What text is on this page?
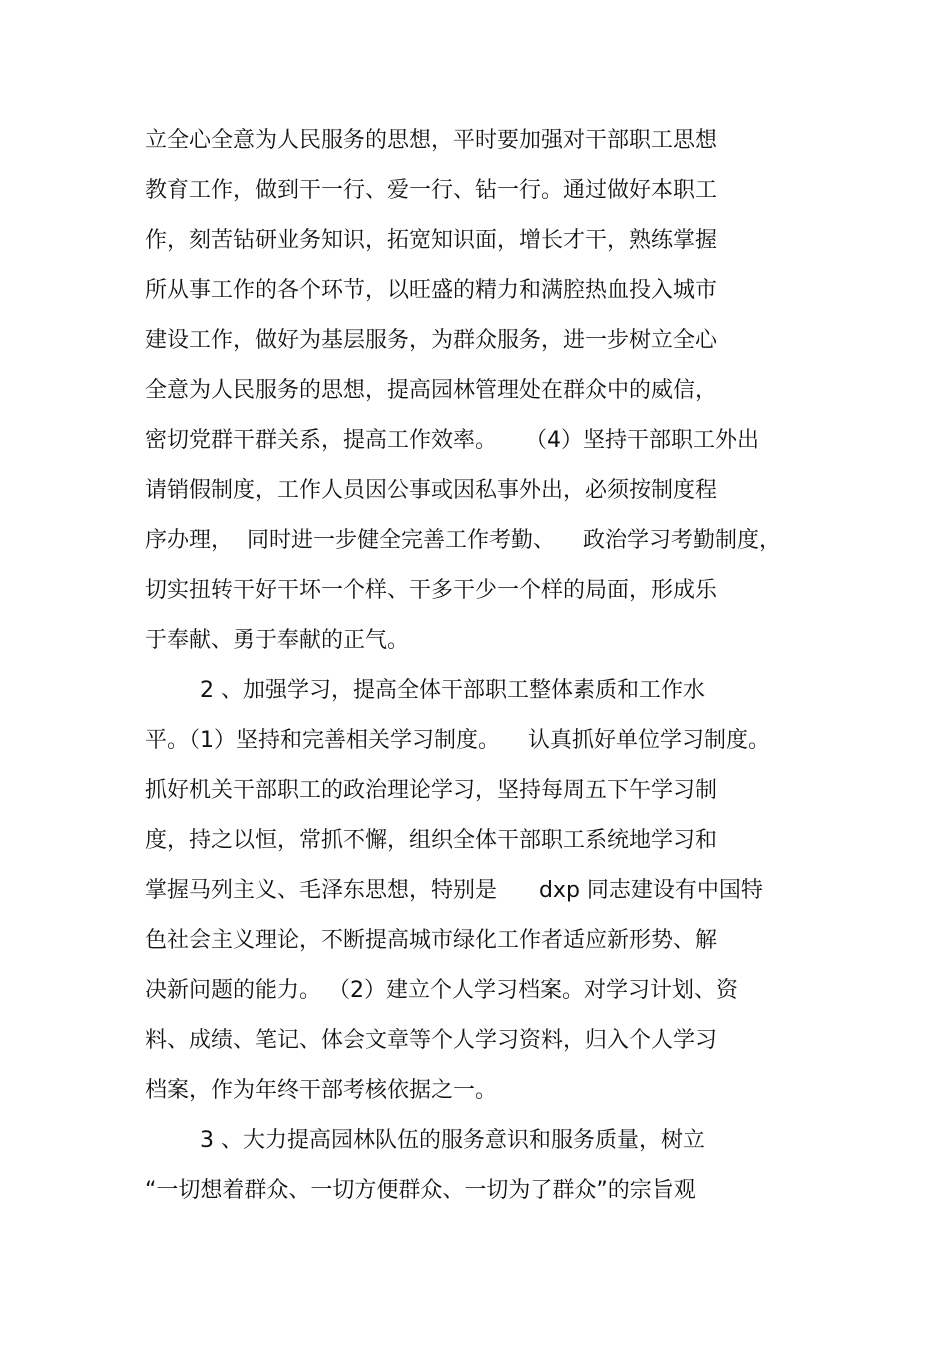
立全心全意为人民服务的思想，平时要加强对干部职工思想

教育工作，做到干一行、爱一行、钻一行。通过做好本职工

作，刻苦钻研业务知识，拓宽知识面，增长才干，熟练掌握

所从事工作的各个环节，以旺盛的精力和满腔热血投入城市

建设工作，做好为基层服务，为群众服务，进一步树立全心

全意为人民服务的思想，提高园林管理处在群众中的威信，

密切党群干群关系，提高工作效率。    （4）坚持干部职工外出

请销假制度，工作人员因公事或因私事外出，必须按制度程

序办理，  同时进一步健全完善工作考勤、    政治学习考勤制度，

切实扭转干好干坏一个样、干多干少一个样的局面，形成乐

于奉献、勇于奉献的正气。

2 、加强学习，提高全体干部职工整体素质和工作水

平。（1）坚持和完善相关学习制度。    认真抓好单位学习制度。

抓好机关干部职工的政治理论学习，坚持每周五下午学习制

度，持之以恒，常抓不懈，组织全体干部职工系统地学习和

掌握马列主义、毛泽东思想，特别是      dxp 同志建设有中国特

色社会主义理论，不断提高城市绿化工作者适应新形势、解

决新问题的能力。 （2）建立个人学习档案。对学习计划、资

料、成绩、笔记、体会文章等个人学习资料，归入个人学习

档案，作为年终干部考核依据之一。

3 、大力提高园林队伍的服务意识和服务质量，树立

“一切想着群众、一切方便群众、一切为了群众”的宗旨观
